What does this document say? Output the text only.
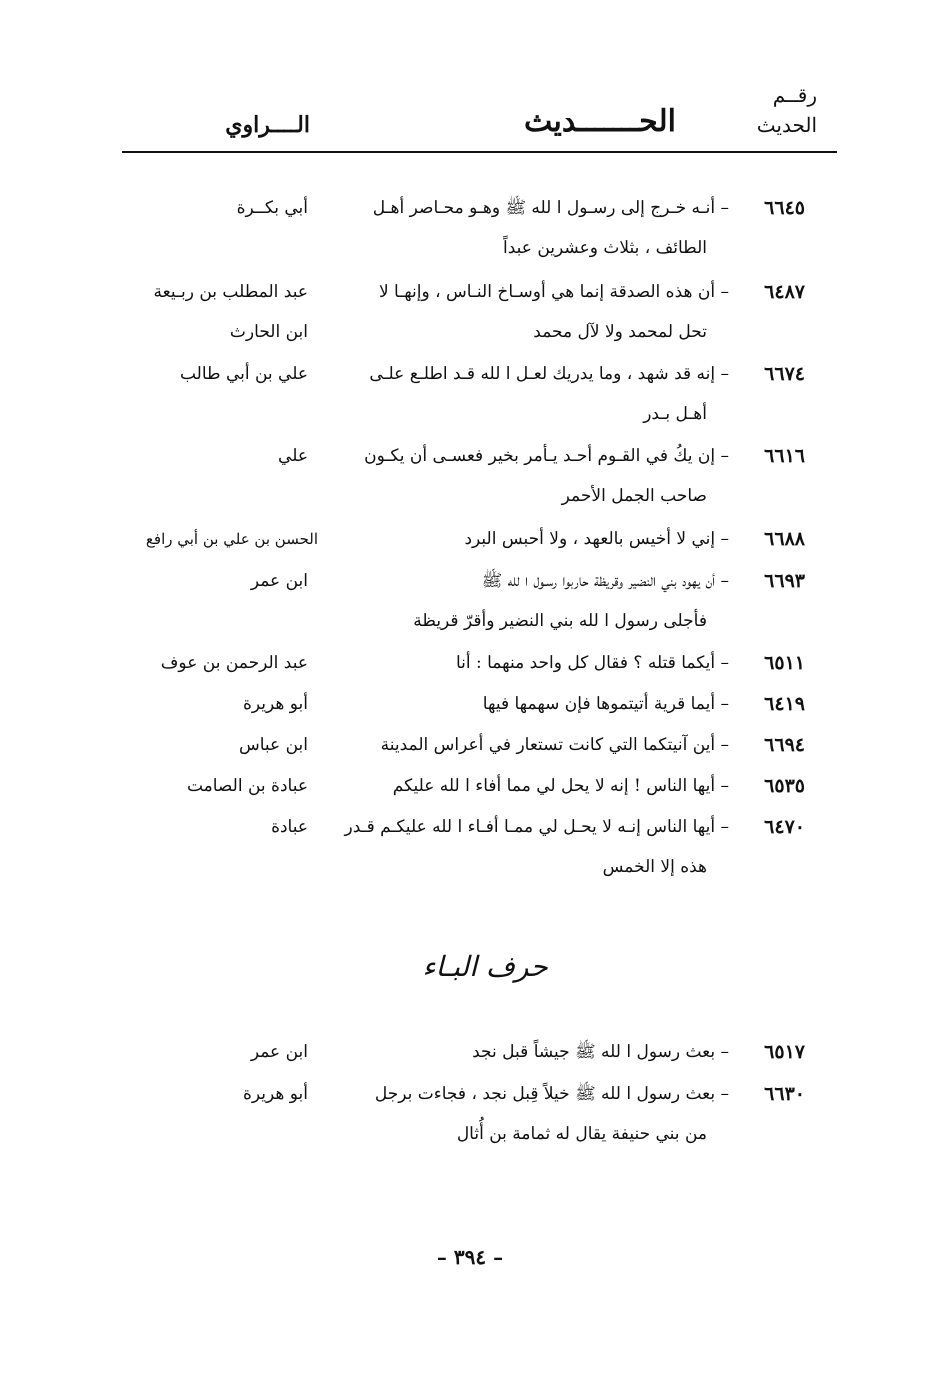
رقــم
الحديث
الحـــــــديث
الــــراوي
٦٦٤٥
– أنـه خـرج إلى رسـول ا لله ﷺ وهـو محـاصر أهـل
الطائف ، بثلاث وعشرين عبداً
أبي بكــرة
٦٤٨٧
– أن هذه الصدقة إنما هي أوسـاخ النـاس ، وإنهـا لا
تحل لمحمد ولا لآل محمد
عبد المطلب بن ربـيعة
ابن الحارث
٦٦٧٤
– إنه قد شهد ، وما يدريك لعـل ا لله قـد اطلـع علـى
أهـل بـدر
علي بن أبي طالب
٦٦١٦
– إن يكُ في القـوم أحـد يـأمر بخير فعسـى أن يكـون
صاحب الجمل الأحمر
علي
٦٦٨٨
– إني لا أخيس بالعهد ، ولا أحبس البرد
الحسن بن علي بن أبي رافع
٦٦٩٣
– أن يهود بني النضير وقريظة حاربوا رسـول ا لله ﷺ
فأجلى رسول ا لله بني النضير وأقرّ قريظة
ابن عمر
٦٥١١
– أيكما قتله ؟ فقال كل واحد منهما : أنا
عبد الرحمن بن عوف
٦٤١٩
– أيما قرية أتيتموها فإن سهمها فيها
أبو هريرة
٦٦٩٤
– أين آنيتكما التي كانت تستعار في أعراس المدينة
ابن عباس
٦٥٣٥
– أيها الناس ! إنه لا يحل لي مما أفاء ا لله عليكم
عبادة بن الصامت
٦٤٧٠
– أيها الناس إنـه لا يحـل لي ممـا أفـاء ا لله عليكـم قـدر
هذه إلا الخمس
عبادة
حرف البـاء
٦٥١٧
– بعث رسول ا لله ﷺ جيشاً قبل نجد
ابن عمر
٦٦٣٠
– بعث رسول ا لله ﷺ خيلاً قِبل نجد ، فجاءت برجل
من بني حنيفة يقال له ثمامة بن أُثال
أبو هريرة
– ٣٩٤ –
